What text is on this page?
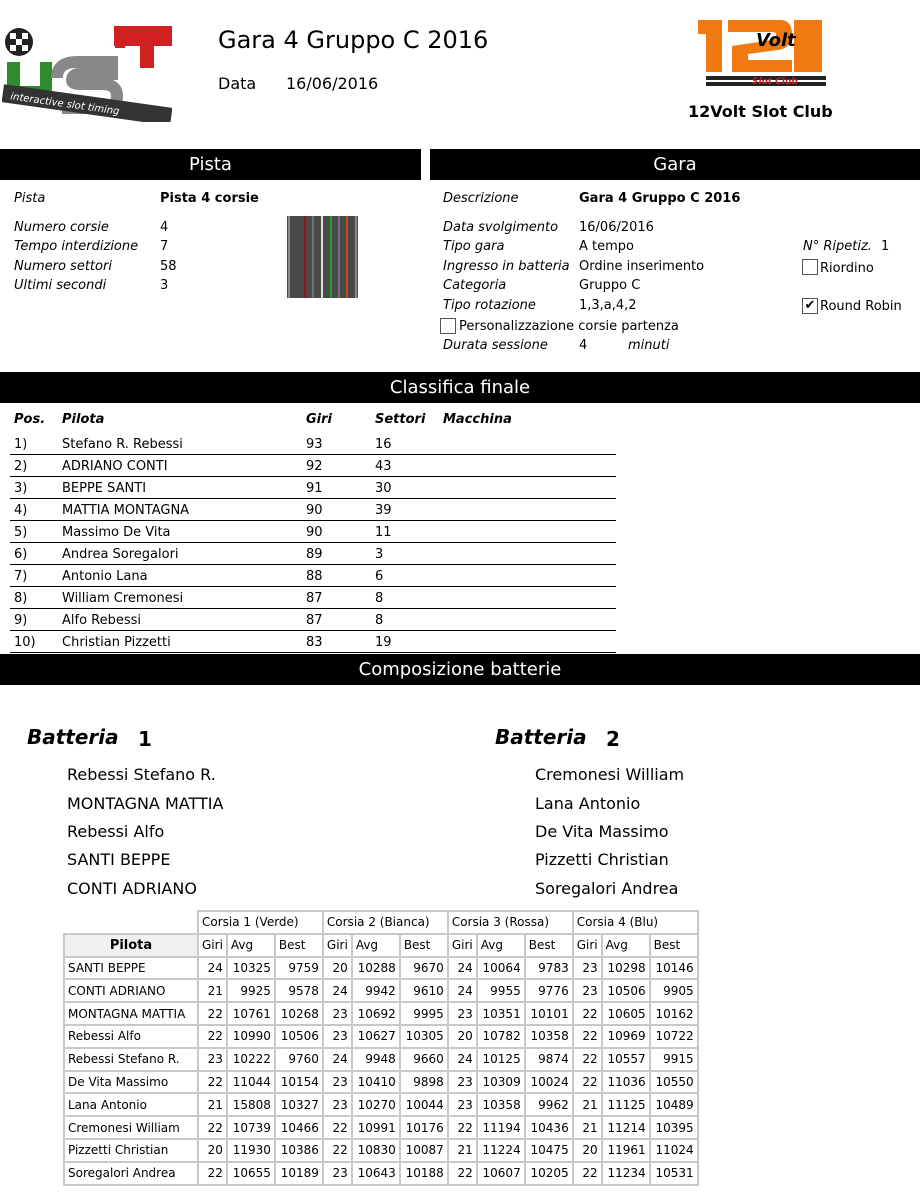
interactive slot timing
Gara 4 Gruppo C 2016
Data 16/06/2016
Volt
Slot Club
12Volt Slot Club
Pista	Gara
Pista	Pista 4 corsie
Numero corsie	4
Tempo interdizione 7
Numero settori	58
Ultimi secondi	3
Descrizione	Gara 4 Gruppo C 2016
Data svolgimento 16/06/2016
Tipo gara	A tempo
Ingresso in batteria Ordine inserimento
Categoria	Gruppo C
Tipo rotazione	1,3,a,4,2
Personalizzazione corsie partenza
Durata sessione 4	minuti
N° Ripetiz. 1
Riordino
✔ Round Robin
Classifica finale
Pos. Pilota	Giri	Settori Macchina
1)	Stefano R. Rebessi	93	16
2)	ADRIANO CONTI	92	43
3)	BEPPE SANTI	91	30
4)	MATTIA MONTAGNA	90	39
5)	Massimo De Vita	90	11
6)	Andrea Soregalori	89	3
7)	Antonio Lana	88	6
8)	William Cremonesi	87	8
9)	Alfo Rebessi	87	8
10) Christian Pizzetti	83	19
Composizione batterie
Batteria 1	Batteria 2
Rebessi Stefano R.
MONTAGNA MATTIA
Rebessi Alfo
SANTI BEPPE
CONTI ADRIANO
Cremonesi William
Lana Antonio
De Vita Massimo
Pizzetti Christian
Soregalori Andrea
	Corsia 1 (Verde)			Corsia 2 (Bianca)			Corsia 3 (Rossa)			Corsia 4 (Blu)		
Pilota	Giri	Avg	Best	Giri	Avg	Best	Giri	Avg	Best	Giri	Avg	Best
SANTI BEPPE	24	10325	9759	20	10288	9670	24	10064	9783	23	10298	10146
CONTI ADRIANO	21	9925	9578	24	9942	9610	24	9955	9776	23	10506	9905
MONTAGNA MATTIA	22	10761	10268	23	10692	9995	23	10351	10101	22	10605	10162
Rebessi Alfo	22	10990	10506	23	10627	10305	20	10782	10358	22	10969	10722
Rebessi Stefano R.	23	10222	9760	24	9948	9660	24	10125	9874	22	10557	9915
De Vita Massimo	22	11044	10154	23	10410	9898	23	10309	10024	22	11036	10550
Lana Antonio	21	15808	10327	23	10270	10044	23	10358	9962	21	11125	10489
Cremonesi William	22	10739	10466	22	10991	10176	22	11194	10436	21	11214	10395
Pizzetti Christian	20	11930	10386	22	10830	10087	21	11224	10475	20	11961	11024
Soregalori Andrea	22	10655	10189	23	10643	10188	22	10607	10205	22	11234	10531
